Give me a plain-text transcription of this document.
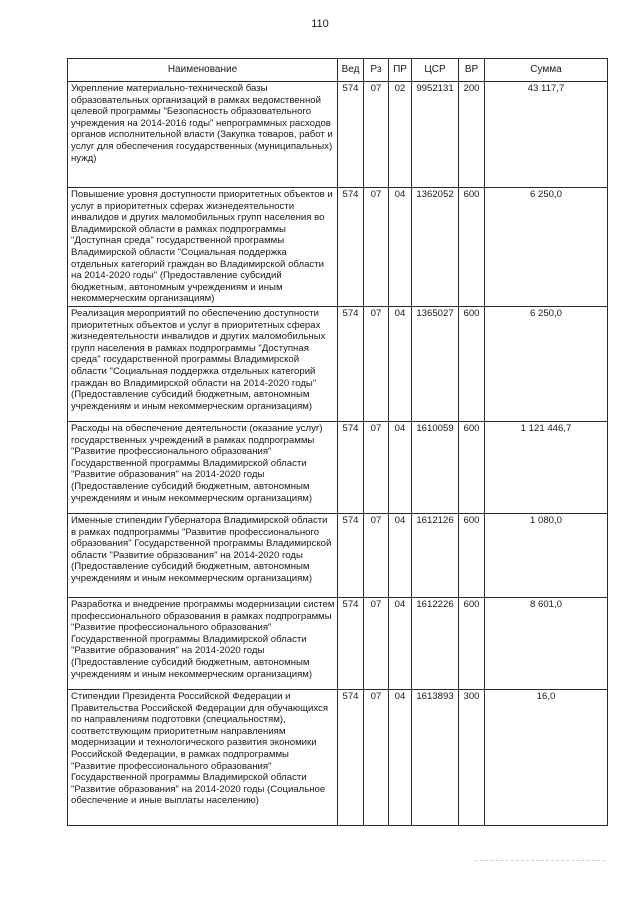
110
Наименование	Вед	Рз	ПР	ЦСР	ВР	Сумма
Укрепление материально-технической базы образовательных организаций в рамках ведомственной целевой программы "Безопасность образовательного учреждения на 2014-2016 годы" непрограммных расходов органов исполнительной власти (Закупка товаров, работ и услуг для обеспечения государственных (муниципальных) нужд)	574	07	02	9952131	200	43 117,7
Повышение уровня доступности приоритетных объектов и услуг в приоритетных сферах жизнедеятельности инвалидов и других маломобильных групп населения во Владимирской области в рамках подпрограммы "Доступная среда" государственной программы Владимирской области "Социальная поддержка отдельных категорий граждан во Владимирской области на 2014-2020 годы" (Предоставление субсидий бюджетным, автономным учреждениям и иным некоммерческим организациям)	574	07	04	1362052	600	6 250,0
Реализация мероприятий по обеспечению доступности приоритетных объектов и услуг в приоритетных сферах жизнедеятельности инвалидов и других маломобильных групп населения в рамках подпрограммы "Доступная среда" государственной программы Владимирской области "Социальная поддержка отдельных категорий граждан во Владимирской области на 2014-2020 годы" (Предоставление субсидий бюджетным, автономным учреждениям и иным некоммерческим организациям)	574	07	04	1365027	600	6 250,0
Расходы на обеспечение деятельности (оказание услуг) государственных учреждений в рамках подпрограммы "Развитие профессионального образования" Государственной программы Владимирской области "Развитие образования" на 2014-2020 годы (Предоставление субсидий бюджетным, автономным учреждениям и иным некоммерческим организациям)	574	07	04	1610059	600	1 121 446,7
Именные стипендии Губернатора Владимирской области в рамках подпрограммы "Развитие профессионального образования" Государственной программы Владимирской области "Развитие образования" на 2014-2020 годы (Предоставление субсидий бюджетным, автономным учреждениям и иным некоммерческим организациям)	574	07	04	1612126	600	1 080,0
Разработка и внедрение программы модернизации систем профессионального образования в рамках подпрограммы "Развитие профессионального образования" Государственной программы Владимирской области "Развитие образования" на 2014-2020 годы (Предоставление субсидий бюджетным, автономным учреждениям и иным некоммерческим организациям)	574	07	04	1612226	600	8 601,0
Стипендии Президента Российской Федерации и Правительства Российской Федерации для обучающихся по направлениям подготовки (специальностям), соответствующим приоритетным направлениям модернизации и технологического развития экономики Российской Федерации, в рамках подпрограммы "Развитие профессионального образования" Государственной программы Владимирской области "Развитие образования" на 2014-2020 годы (Социальное обеспечение и иные выплаты населению)	574	07	04	1613893	300	16,0
